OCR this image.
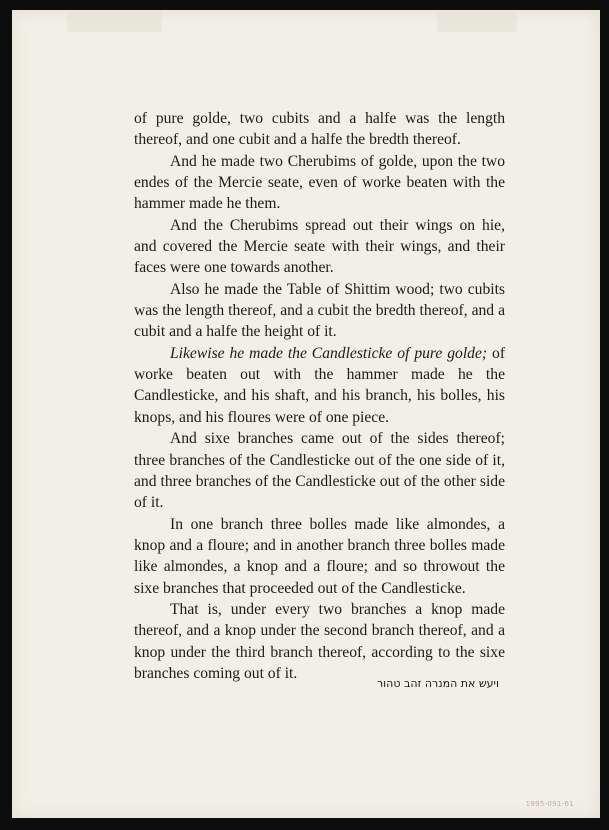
of pure golde, two cubits and a halfe was the length thereof, and one cubit and a halfe the bredth thereof.

And he made two Cherubims of golde, upon the two endes of the Mercie seate, even of worke beaten with the hammer made he them.

And the Cherubims spread out their wings on hie, and covered the Mercie seate with their wings, and their faces were one towards another.

Also he made the Table of Shittim wood; two cubits was the length thereof, and a cubit the bredth thereof, and a cubit and a halfe the height of it.

Likewise he made the Candlesticke of pure golde; of worke beaten out with the hammer made he the Candlesticke, and his shaft, and his branch, his bolles, his knops, and his floures were of one piece.

And sixe branches came out of the sides thereof; three branches of the Candlesticke out of the one side of it, and three branches of the Candlesticke out of the other side of it.

In one branch three bolles made like almondes, a knop and a floure; and in another branch three bolles made like almondes, a knop and a floure; and so throwout the sixe branches that proceeded out of the Candlesticke.

That is, under every two branches a knop made thereof, and a knop under the second branch thereof, and a knop under the third branch thereof, according to the sixe branches coming out of it.

ויעש את המנרה זהב טהור
1995-091-61
